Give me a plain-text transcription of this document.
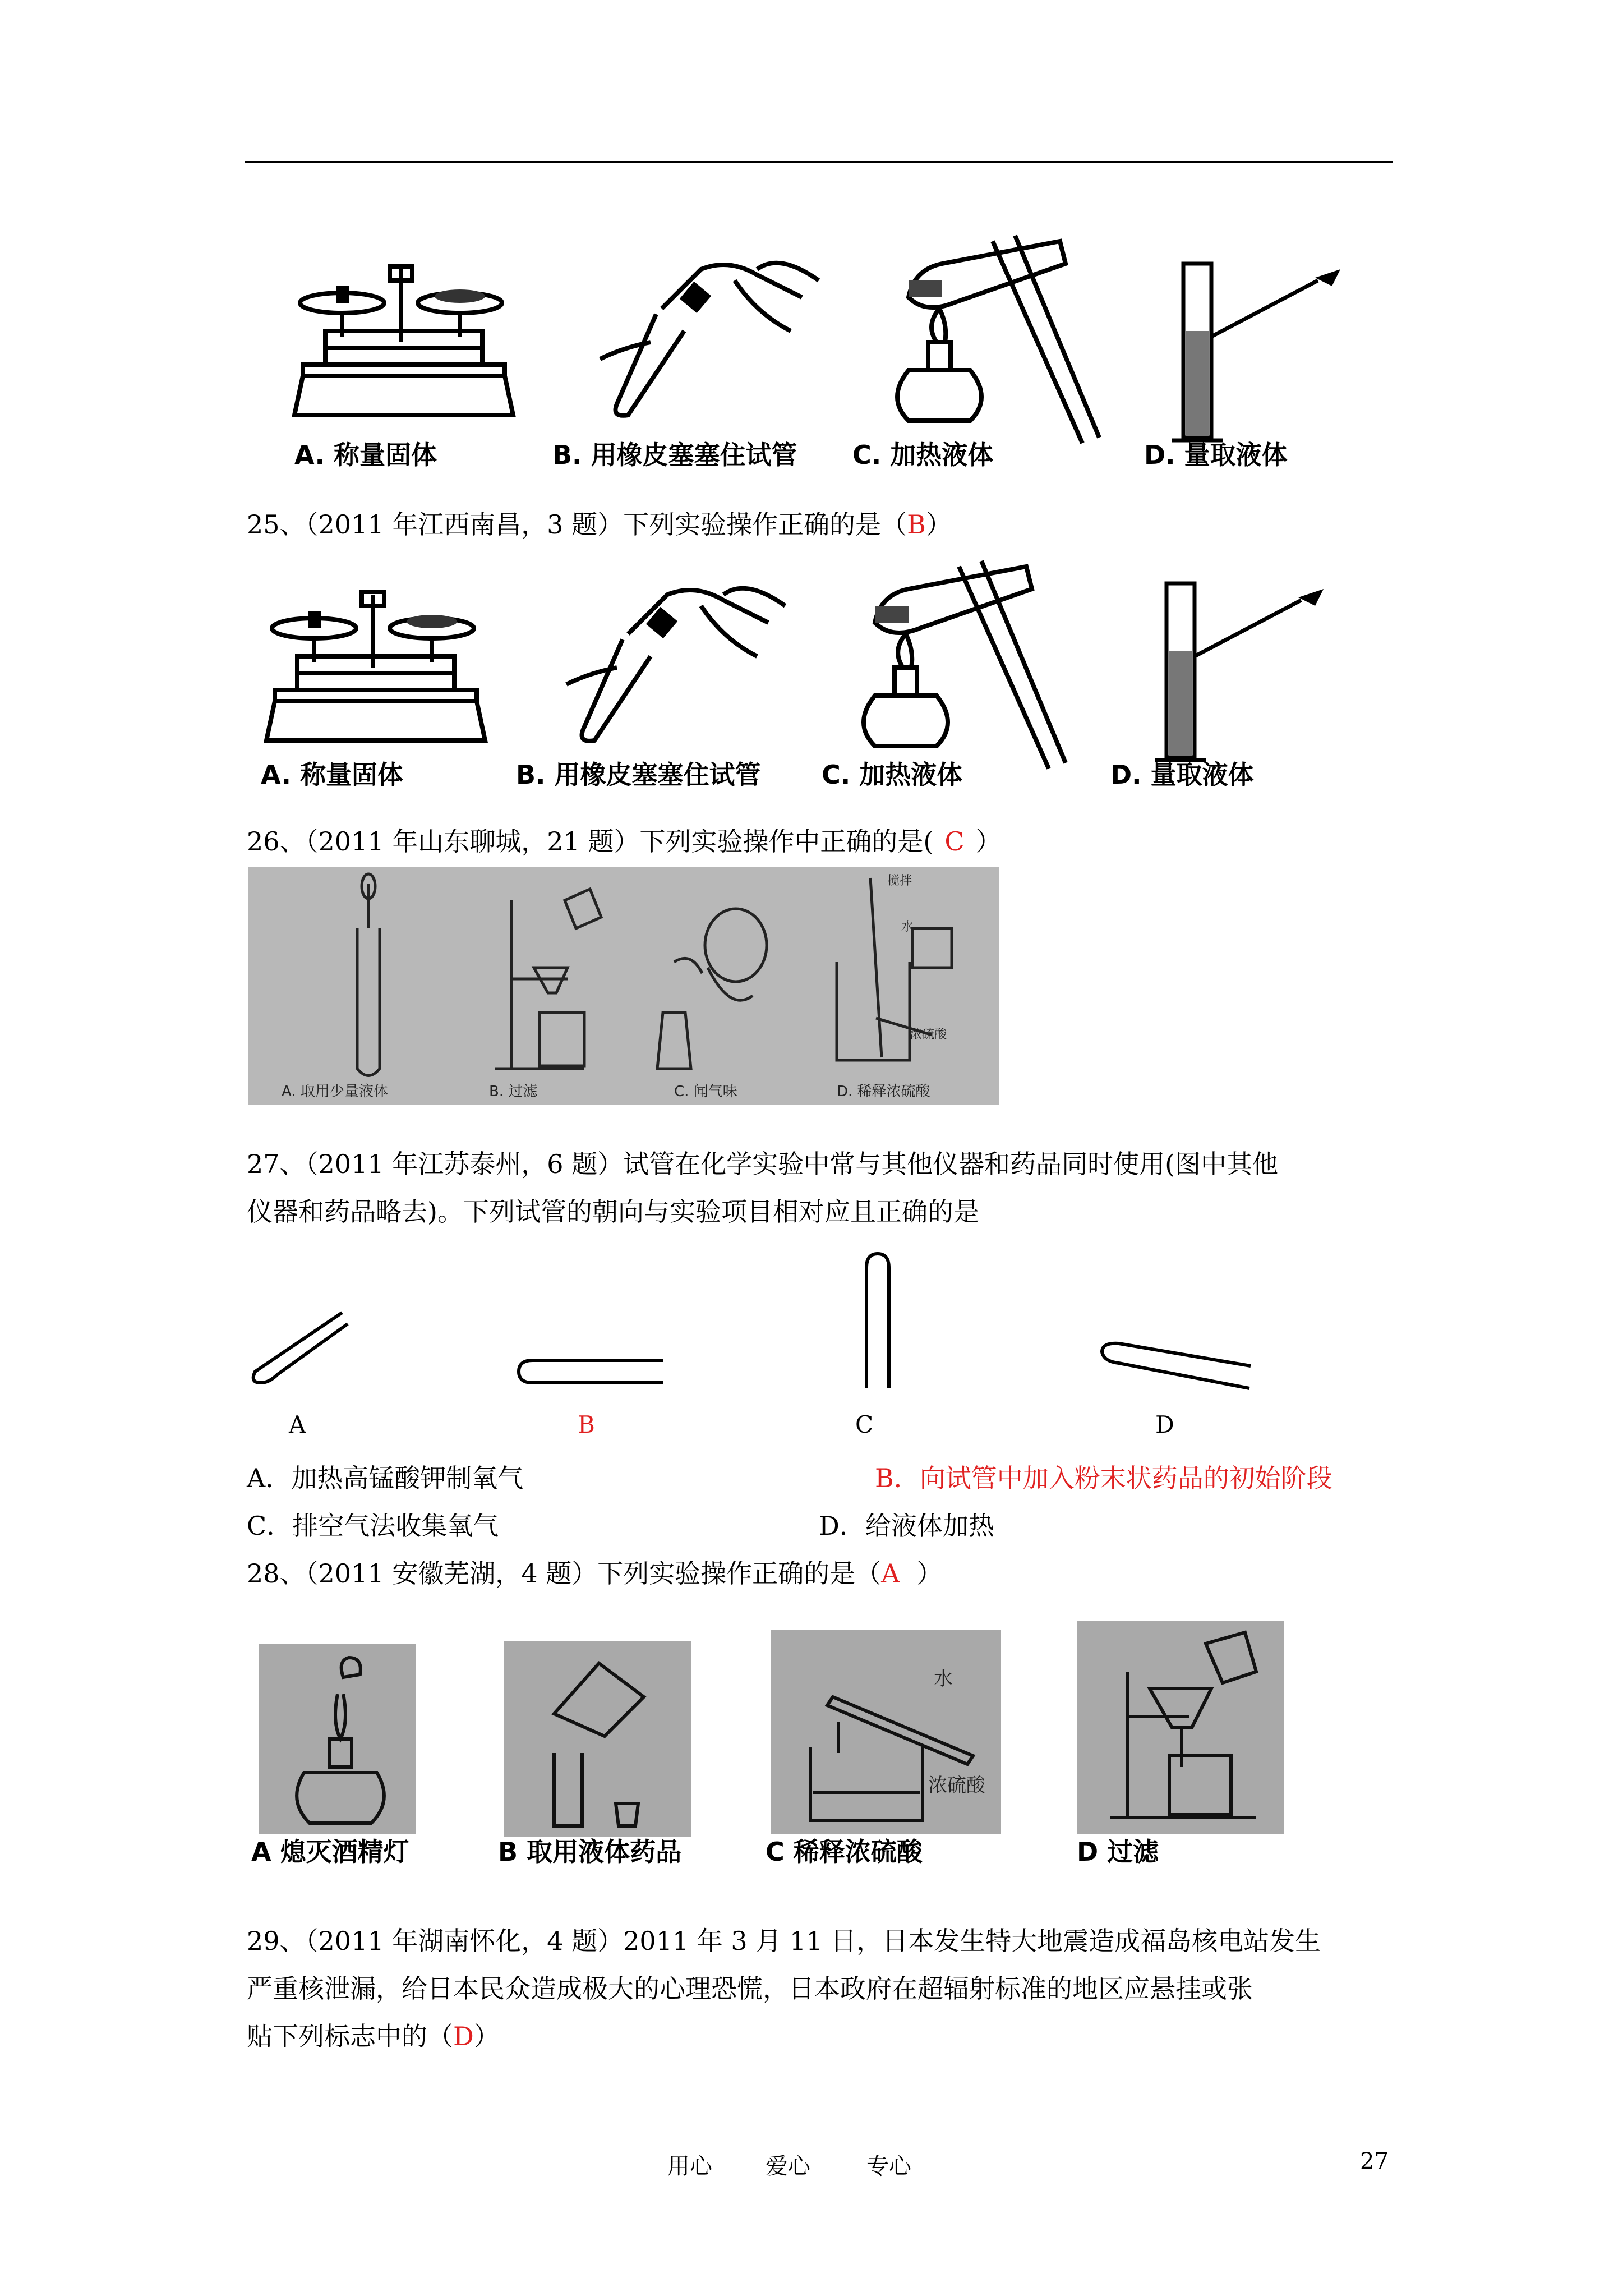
A. 称量固体	B. 用橡皮塞塞住试管 C. 加热液体	D. 量取液体
25、（2011 年江西南昌，3 题）下列实验操作正确的是（B）
A. 称量固体	B. 用橡皮塞塞住试管 C. 加热液体	D. 量取液体
26、（2011 年山东聊城，21 题）下列实验操作中正确的是( C ）
A. 取用少量液体	B. 过滤	C. 闻气味	D. 稀释浓硫酸
搅拌
水
浓硫酸
27、（2011 年江苏泰州，6 题）试管在化学实验中常与其他仪器和药品同时使用(图中其他
仪器和药品略去)。下列试管的朝向与实验项目相对应且正确的是
A	B	C	D
A．加热高锰酸钾制氧气	B．向试管中加入粉末状药品的初始阶段
C．排空气法收集氧气	D．给液体加热
28、（2011 安徽芜湖，4 题）下列实验操作正确的是（A ）
水
浓硫酸
A 熄灭酒精灯	B 取用液体药品	C 稀释浓硫酸	D 过滤
29、（2011 年湖南怀化，4 题）2011 年 3 月 11 日，日本发生特大地震造成福岛核电站发生
严重核泄漏，给日本民众造成极大的心理恐慌，日本政府在超辐射标准的地区应悬挂或张
贴下列标志中的（D）
用心 爱心	专心	27
